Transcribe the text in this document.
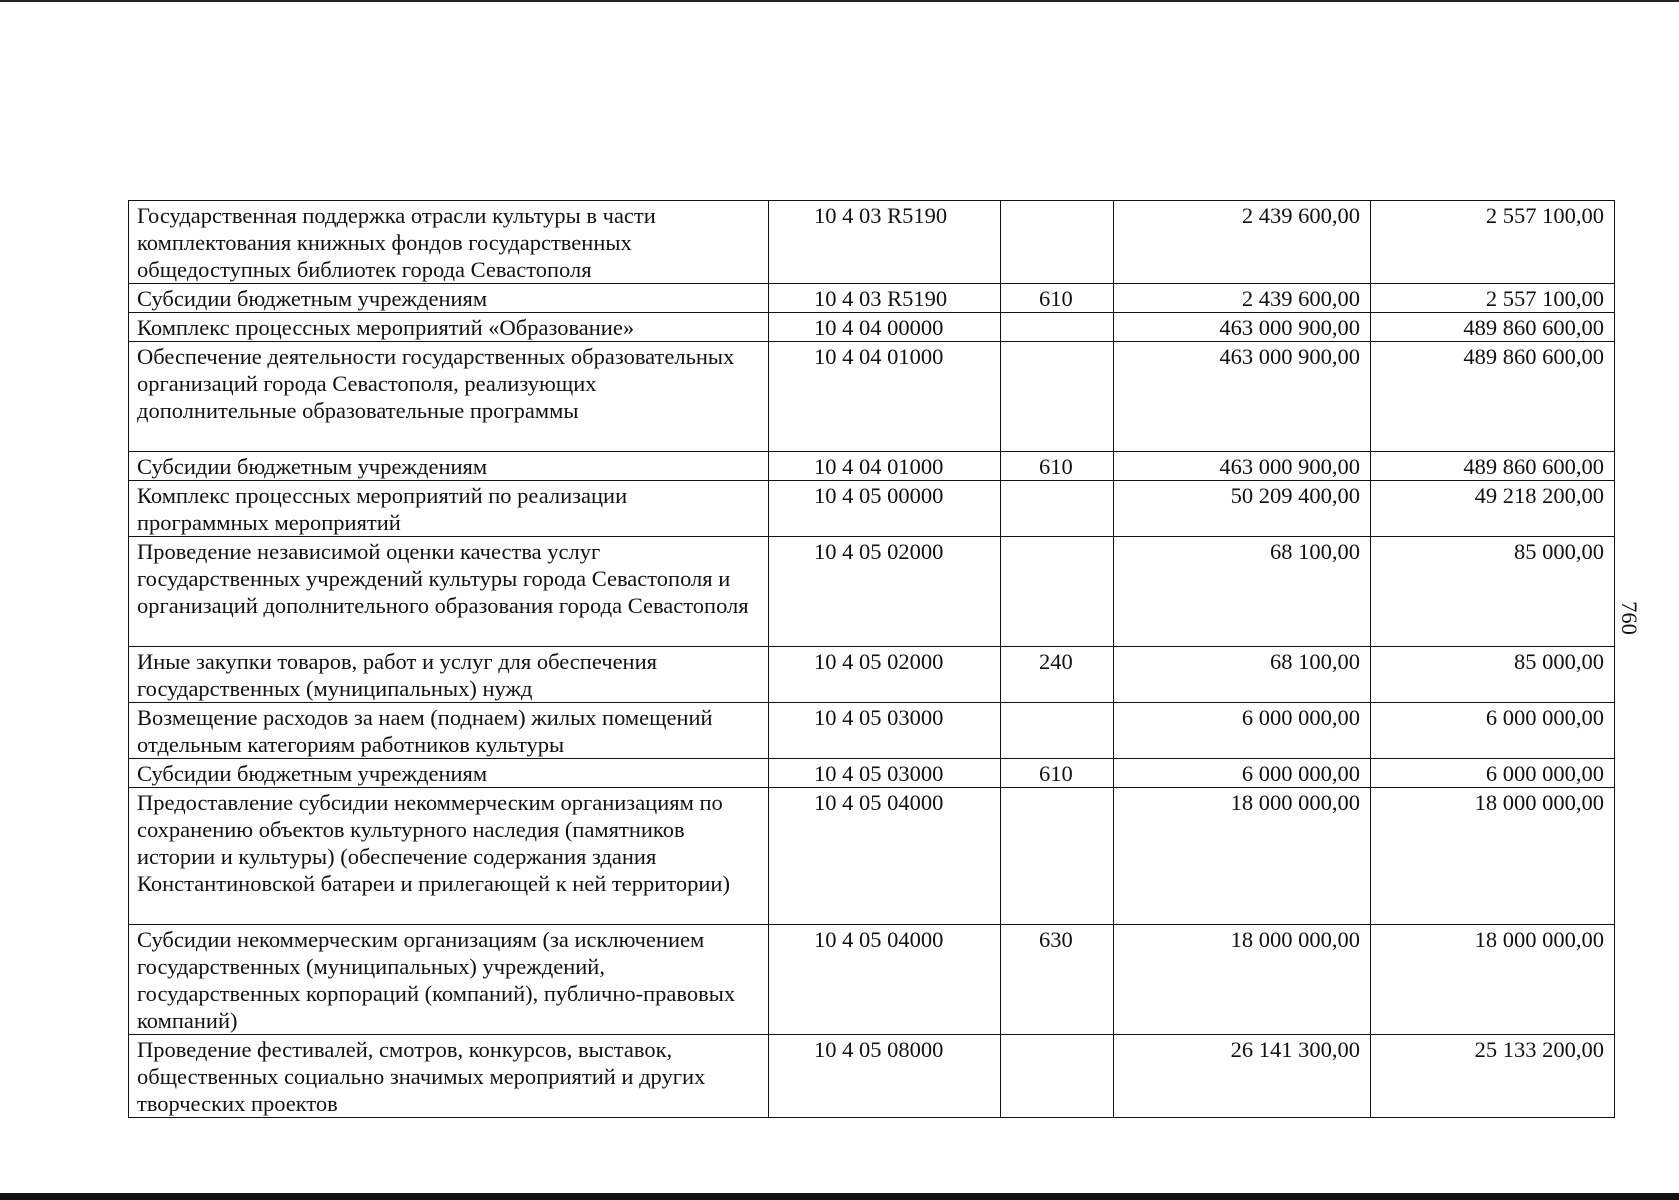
Государственная поддержка отрасли культуры в части комплектования книжных фондов государственных общедоступных библиотек города Севастополя	10 4 03 R5190		2 439 600,00	2 557 100,00
Субсидии бюджетным учреждениям	10 4 03 R5190	610	2 439 600,00	2 557 100,00
Комплекс процессных мероприятий «Образование»	10 4 04 00000		463 000 900,00	489 860 600,00
Обеспечение деятельности государственных образовательных организаций города Севастополя, реализующих дополнительные образовательные программы	10 4 04 01000		463 000 900,00	489 860 600,00
Субсидии бюджетным учреждениям	10 4 04 01000	610	463 000 900,00	489 860 600,00
Комплекс процессных мероприятий по реализации программных мероприятий	10 4 05 00000		50 209 400,00	49 218 200,00
Проведение независимой оценки качества услуг государственных учреждений культуры города Севастополя и организаций дополнительного образования города Севастополя	10 4 05 02000		68 100,00	85 000,00
Иные закупки товаров, работ и услуг для обеспечения государственных (муниципальных) нужд	10 4 05 02000	240	68 100,00	85 000,00
Возмещение расходов за наем (поднаем) жилых помещений отдельным категориям работников культуры	10 4 05 03000		6 000 000,00	6 000 000,00
Субсидии бюджетным учреждениям	10 4 05 03000	610	6 000 000,00	6 000 000,00
Предоставление субсидии некоммерческим организациям по сохранению объектов культурного наследия (памятников истории и культуры) (обеспечение содержания здания Константиновской батареи и прилегающей к ней территории)	10 4 05 04000		18 000 000,00	18 000 000,00
Субсидии некоммерческим организациям (за исключением государственных (муниципальных) учреждений, государственных корпораций (компаний), публично-правовых компаний)	10 4 05 04000	630	18 000 000,00	18 000 000,00
Проведение фестивалей, смотров, конкурсов, выставок, общественных социально значимых мероприятий и других творческих проектов	10 4 05 08000		26 141 300,00	25 133 200,00
760
